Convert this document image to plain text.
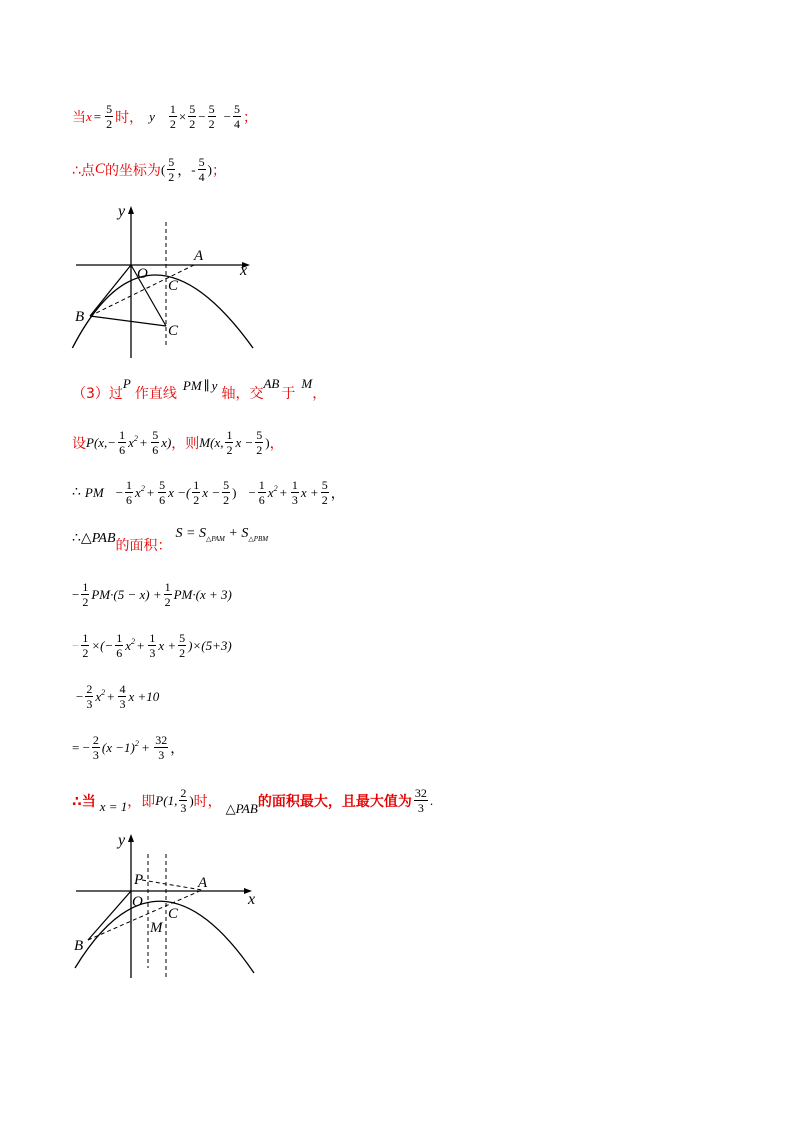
当 $x = \frac{5}{2}$ 时， y $\frac{1}{2} \times \frac{5}{2} - \frac{5}{2} - \frac{5}{4}$ ；
∴点 C 的坐标为 ( $\frac{5}{2}$ ， - $\frac{5}{4}$ ) ；
y
x
O
A
B
C
C
（3）过
P
作直线
PM ∥ y
轴，交
AB
于
M
，
设 $P(x,- \frac{1}{6} x^2 + \frac{5}{6} x)$ ，则 M(x, $\frac{1}{2}$ $x - \frac{5}{2}$ ) ，
∴ PM − $\frac{1}{6} x^2 + \frac{5}{6}$ x −( $\frac{1}{2}$ $x - \frac{5}{2}$ ) − $\frac{1}{6} x^2 + \frac{1}{3}$ $x + \frac{5}{2}$ ，
∴△ PAB 的面积 ：
$S = S_{\triangle PAM} + S_{\triangle PBM}$
− $\frac{1}{2} PM\cdot(5 - x) + \frac{1}{2} PM\cdot(x + 3)$
− $\frac{1}{2}$ ×(− $\frac{1}{6} x^2 + \frac{1}{3}$ $x + \frac{5}{2} )\times(5+3)$
− $\frac{2}{3} x^2 + \frac{4}{3}$ x +10
= − $\frac{2}{3} (x -1)^2 + \frac{32}{3}$ ，
∴当 x = 1 ，即 P(1, $\frac{2}{3}$ ) 时， △PAB 的面积最大，且最大值为 $\frac{32}{3}$ .
y
x
O
P	A
B
M
C
